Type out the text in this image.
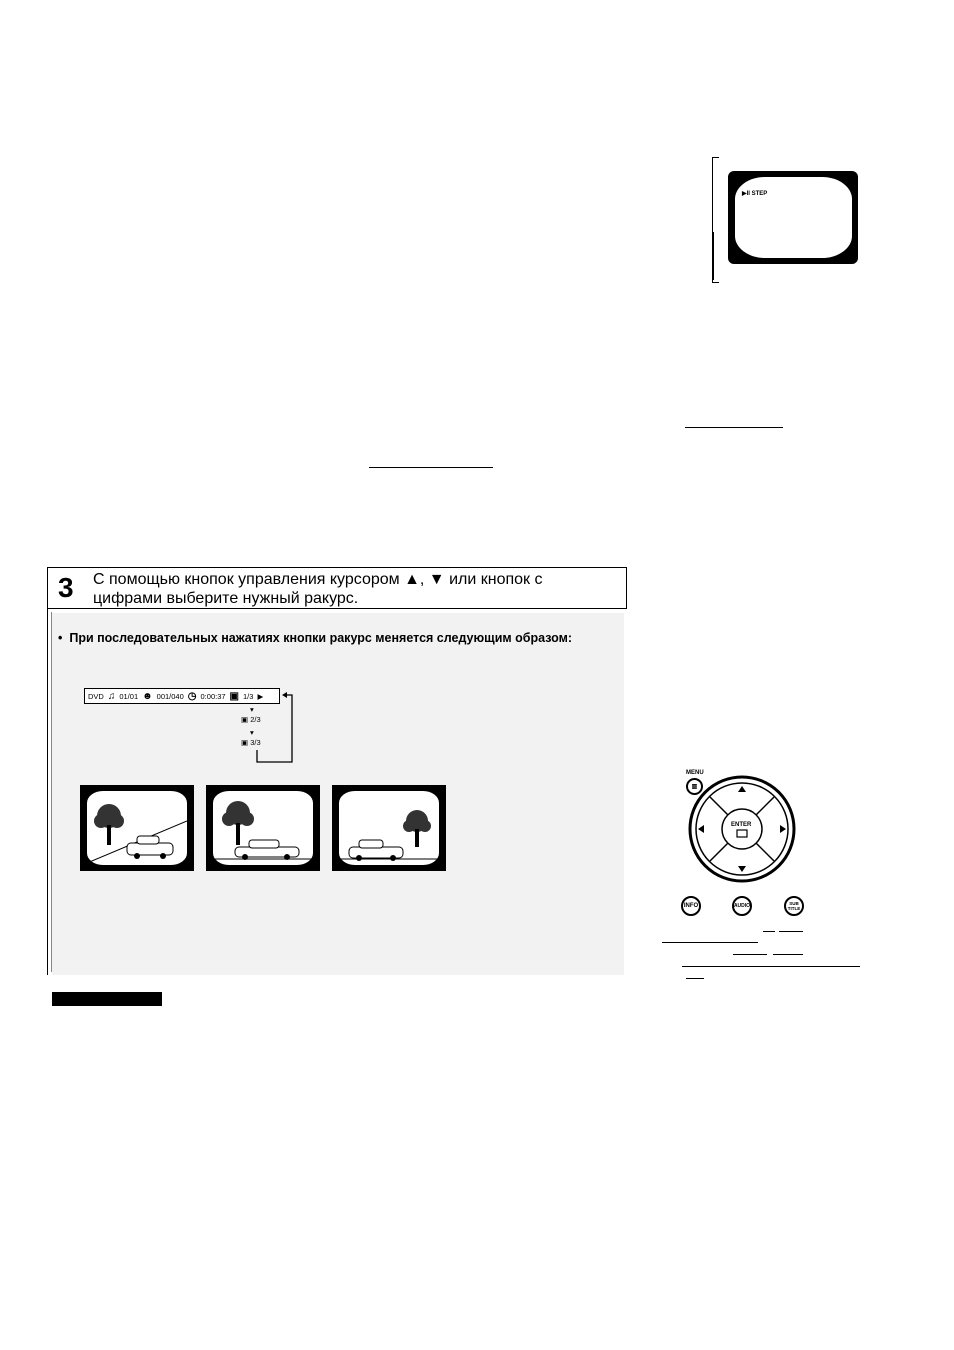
▶II STEP
3 С помощью кнопок управления курсором ▲, ▼ или кнопок с
цифрами выберите нужный ракурс.
•  При последовательных нажатиях кнопки ракурс меняется следующим образом:
DVD ♫ 01/01 ☻ 001/040 ◷ 0:00:37 ▣ 1/3 ▶
▾
▣ 2/3
▾
▣ 3/3
MENU
▥
ENTER
INFO	AUDIO	SUB TITLE
